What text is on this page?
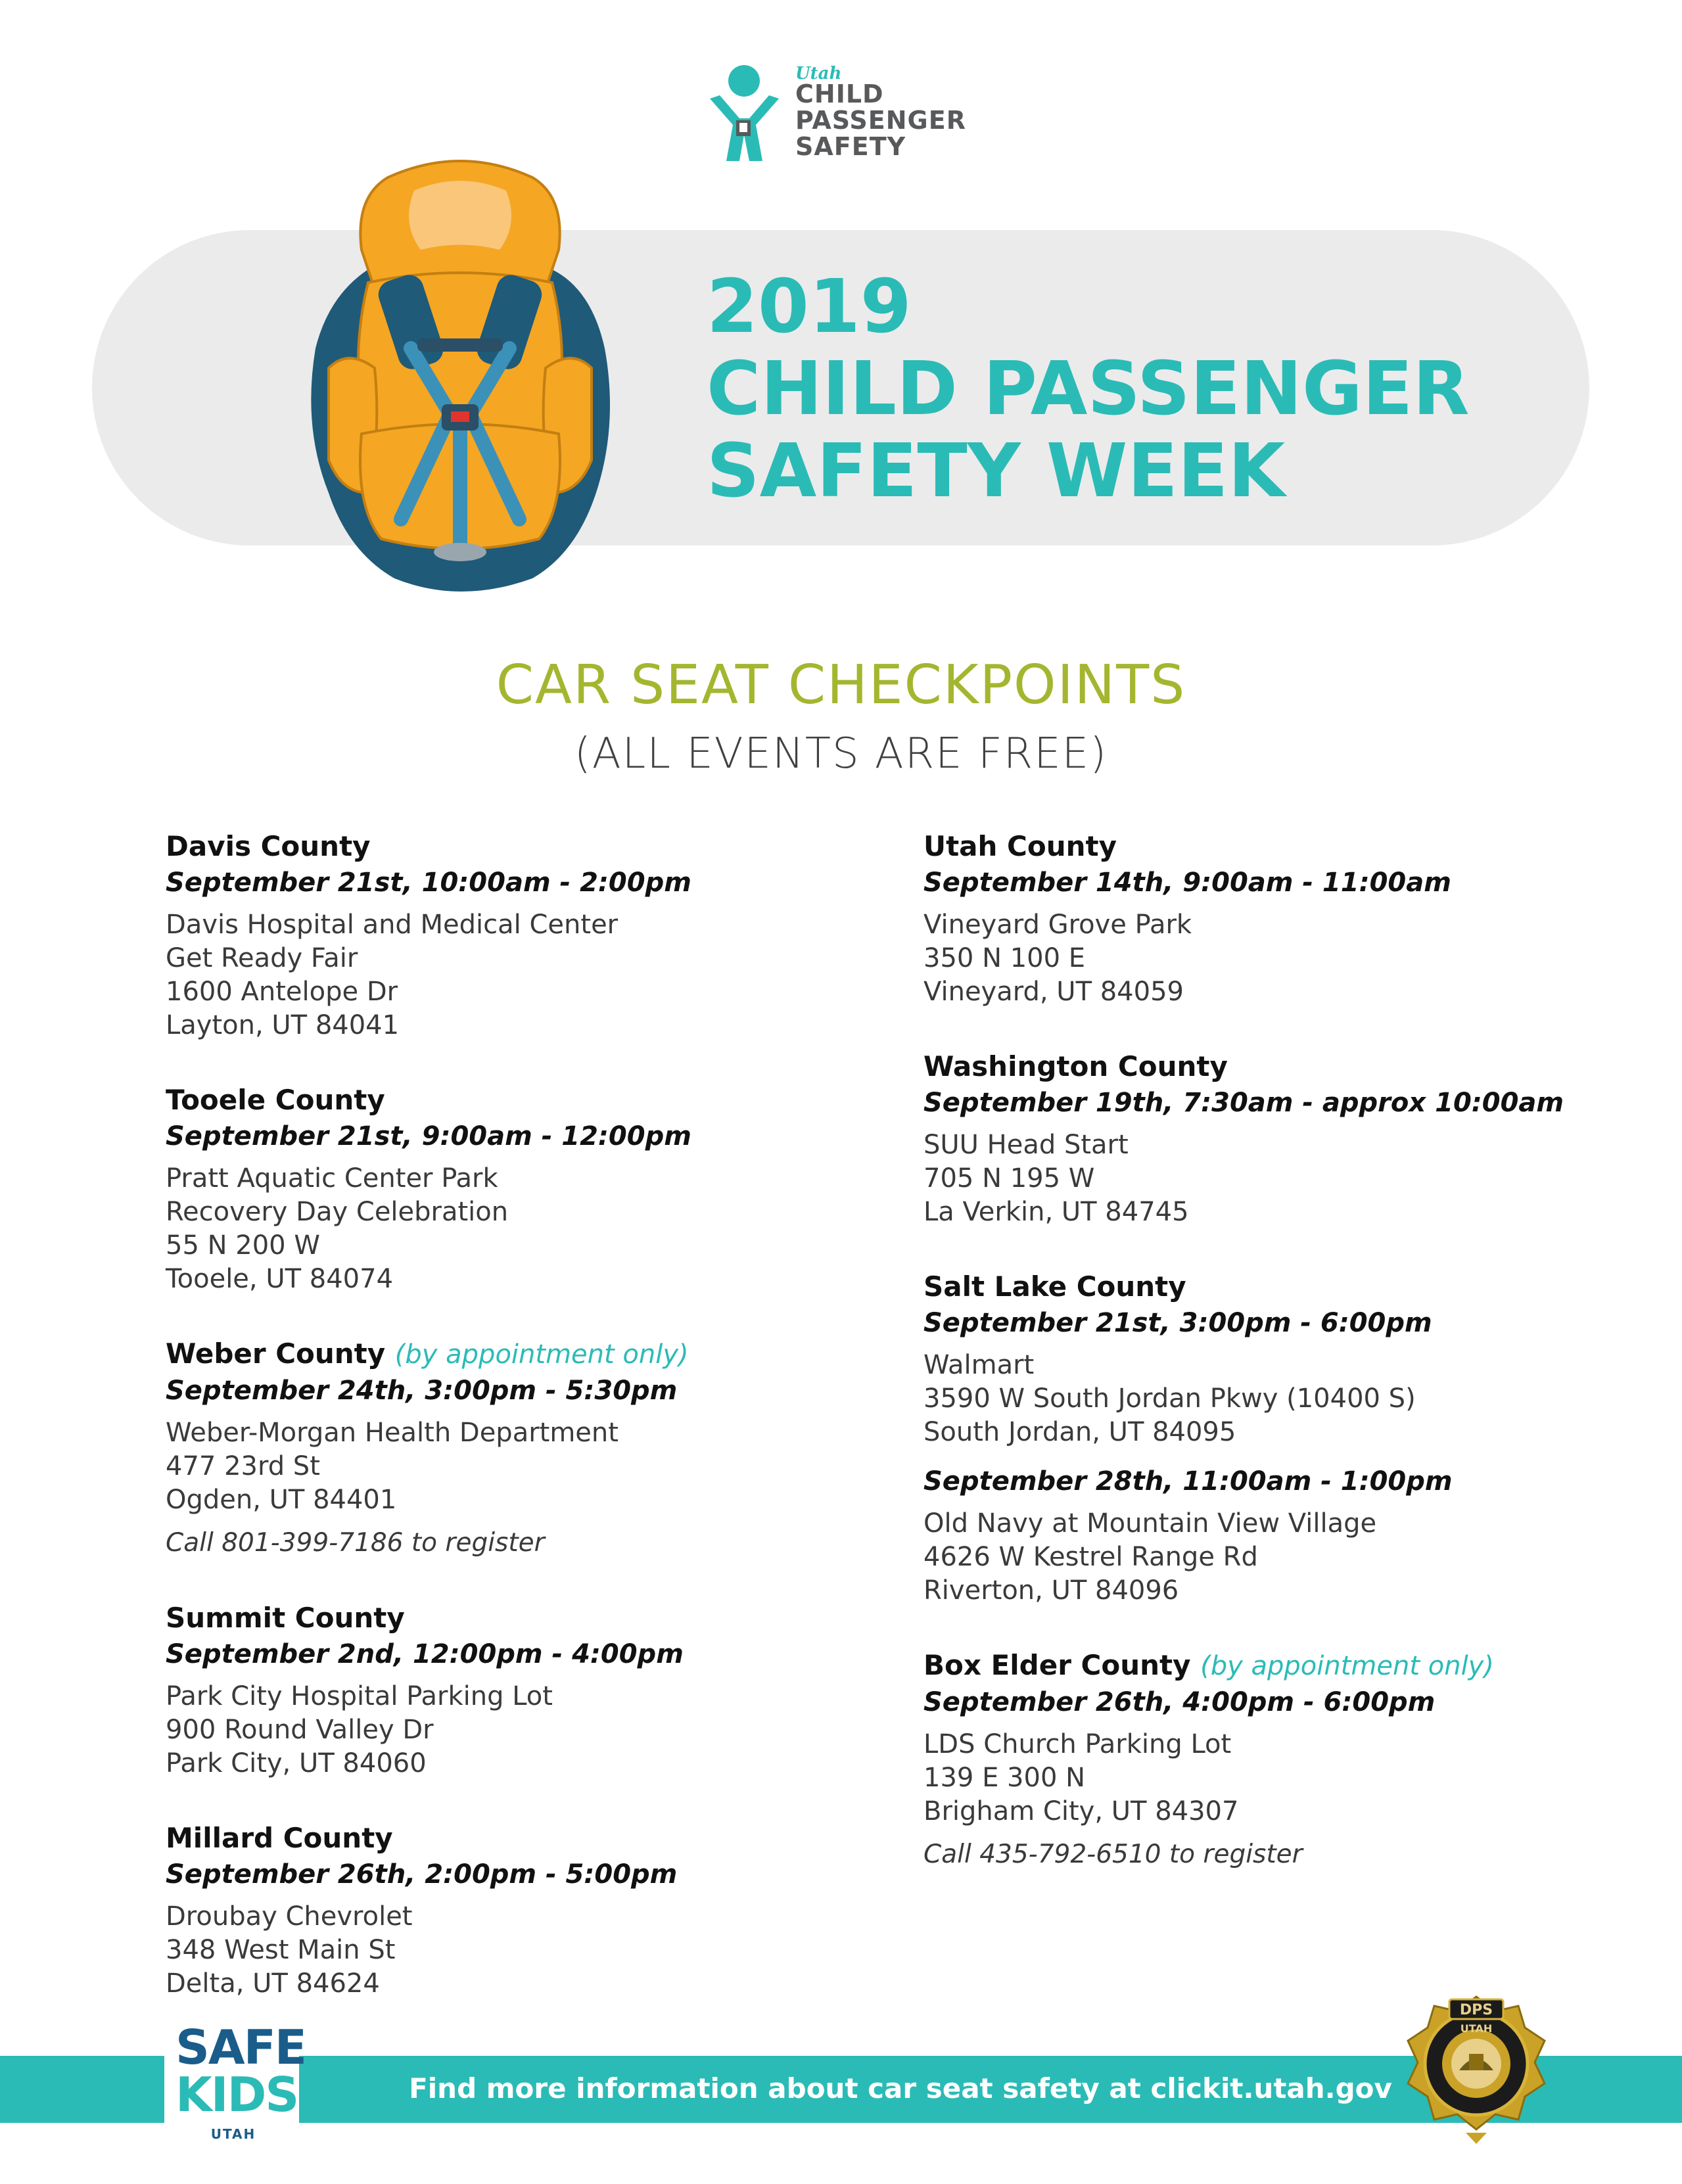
Utah
CHILD
PASSENGER
SAFETY
2019
CHILD PASSENGER
SAFETY WEEK
CAR SEAT CHECKPOINTS
(ALL EVENTS ARE FREE)
Davis County
September 21st, 10:00am - 2:00pm
Davis Hospital and Medical Center
Get Ready Fair
1600 Antelope Dr
Layton, UT 84041
Tooele County
September 21st, 9:00am - 12:00pm
Pratt Aquatic Center Park
Recovery Day Celebration
55 N 200 W
Tooele, UT 84074
Weber County (by appointment only)
September 24th, 3:00pm - 5:30pm
Weber-Morgan Health Department
477 23rd St
Ogden, UT 84401
Call 801-399-7186 to register
Summit County
September 2nd, 12:00pm - 4:00pm
Park City Hospital Parking Lot
900 Round Valley Dr
Park City, UT 84060
Millard County
September 26th, 2:00pm - 5:00pm
Droubay Chevrolet
348 West Main St
Delta, UT 84624
Utah County
September 14th, 9:00am - 11:00am
Vineyard Grove Park
350 N 100 E
Vineyard, UT 84059
Washington County
September 19th, 7:30am - approx 10:00am
SUU Head Start
705 N 195 W
La Verkin, UT 84745
Salt Lake County
September 21st, 3:00pm - 6:00pm
Walmart
3590 W South Jordan Pkwy (10400 S)
South Jordan, UT 84095
September 28th, 11:00am - 1:00pm
Old Navy at Mountain View Village
4626 W Kestrel Range Rd
Riverton, UT 84096
Box Elder County (by appointment only)
September 26th, 4:00pm - 6:00pm
LDS Church Parking Lot
139 E 300 N
Brigham City, UT 84307
Call 435-792-6510 to register
Find more information about car seat safety at clickit.utah.gov
SAFE
KIDS
UTAH
DPS
UTAH
